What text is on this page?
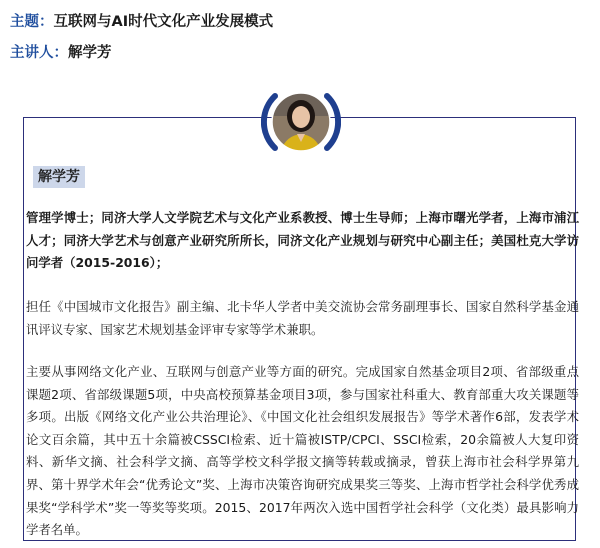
主题：互联网与AI时代文化产业发展模式
主讲人：解学芳
解学芳

管理学博士；同济大学人文学院艺术与文化产业系教授、博士生导师；上海市曙光学者，上海市浦江人才；同济大学艺术与创意产业研究所所长，同济文化产业规划与研究中心副主任；美国杜克大学访问学者（2015-2016）；

担任《中国城市文化报告》副主编、北卡华人学者中美交流协会常务副理事长、国家自然科学基金通讯评议专家、国家艺术规划基金评审专家等学术兼职。

主要从事网络文化产业、互联网与创意产业等方面的研究。完成国家自然基金项目2项、省部级重点课题2项、省部级课题5项，中央高校预算基金项目3项，参与国家社科重大、教育部重大攻关课题等多项。出版《网络文化产业公共治理论》、《中国文化社会组织发展报告》等学术著作6部，发表学术论文百余篇，其中五十余篇被CSSCI检索、近十篇被ISTP/CPCI、SSCI检索，20余篇被人大复印资料、新华文摘、社会科学文摘、高等学校文科学报文摘等转载或摘录，曾获上海市社会科学界第九界、第十界学术年会“优秀论文”奖、上海市决策咨询研究成果奖三等奖、上海市哲学社会科学优秀成果奖“学科学术”奖一等奖等奖项。2015、2017年两次入选中国哲学社会科学（文化类）最具影响力学者名单。
